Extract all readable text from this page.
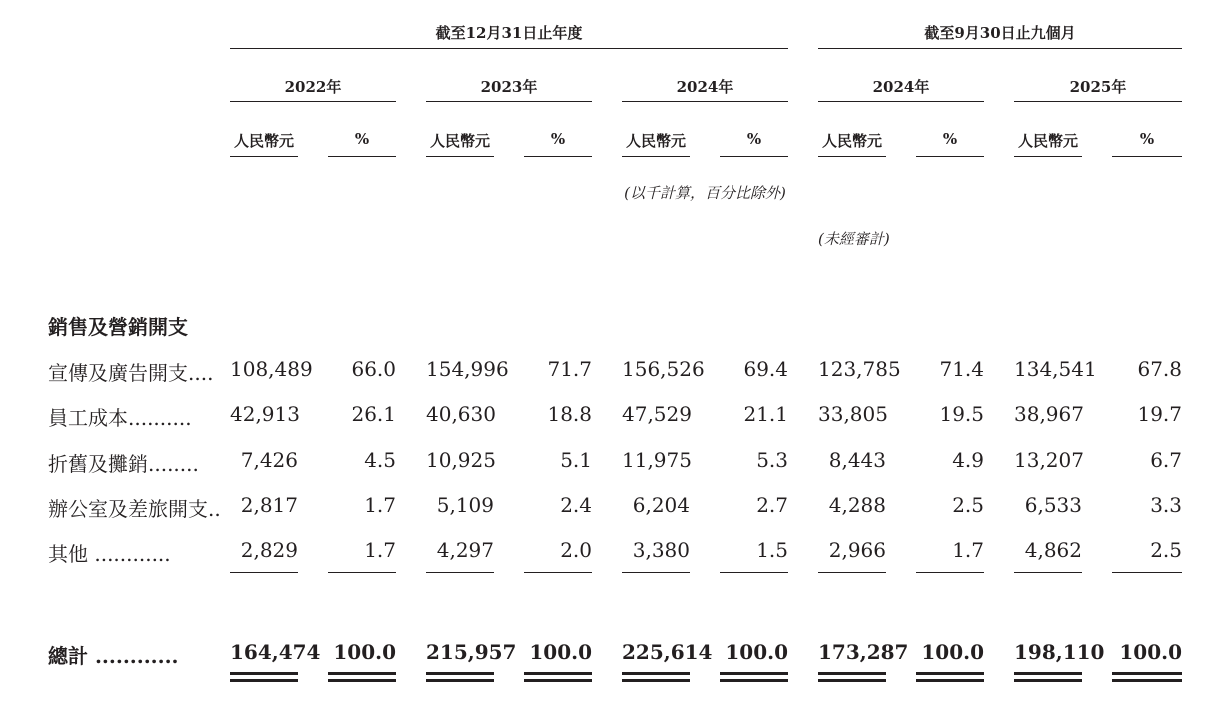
截至12月31日止年度	截至9月30日止九個月
2022年	2023年	2024年	2024年	2025年
人民幣元	%	人民幣元	%	人民幣元	%	人民幣元	%	人民幣元	%
(以千計算，百分比除外)
(未經審計)
銷售及營銷開支
宣傳及廣告開支.... 108,489	66.0 154,996	71.7 156,526	69.4 123,785	71.4 134,541	67.8
員工成本.......... 42,913	26.1 40,630	18.8 47,529	21.1 33,805	19.5 38,967	19.7
折舊及攤銷........	7,426	4.5 10,925	5.1 11,975	5.3	8,443	4.9 13,207	6.7
辦公室及差旅開支..	2,817	1.7	5,109	2.4	6,204	2.7	4,288	2.5	6,533	3.3
其他 ............	2,829	1.7	4,297	2.0	3,380	1.5	2,966	1.7	4,862	2.5
總計 ............	164,474 100.0 215,957 100.0 225,614 100.0 173,287 100.0 198,110 100.0
